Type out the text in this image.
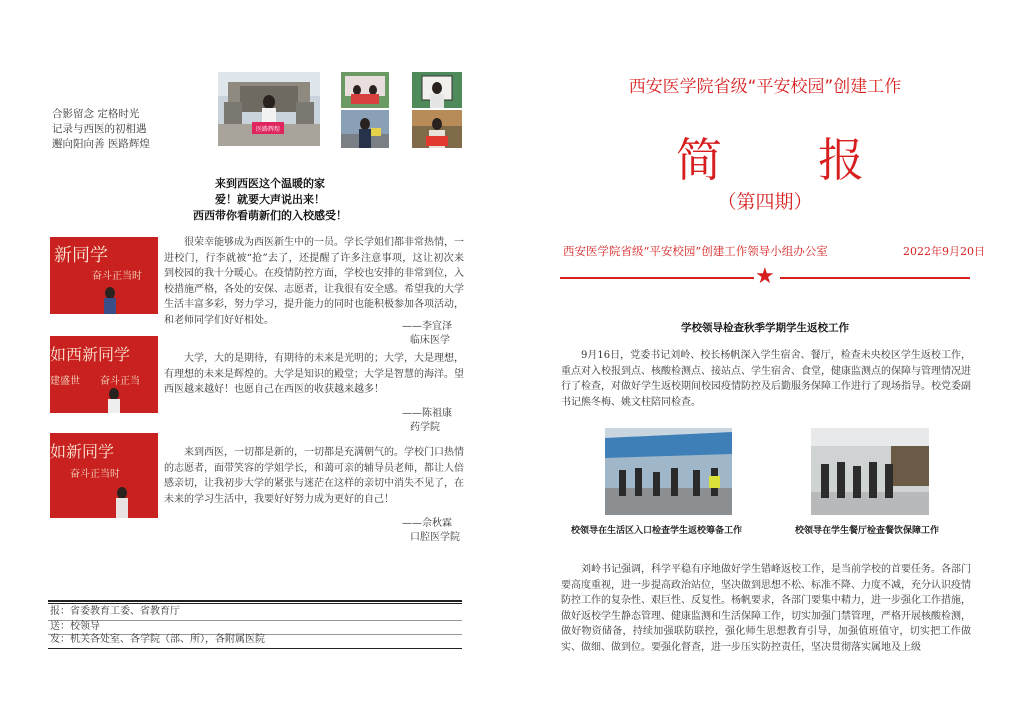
医路辉煌
合影留念 定格时光
记录与西医的初相遇
邂向阳向善 医路辉煌
来到西医这个温暖的家
爱！就要大声说出来！
西西带你看萌新们的入校感受！
新同学
奋斗正当时
很荣幸能够成为西医新生中的一员。学长学姐们都非常热情，一进校门，行李就被“抢”去了，还提醒了许多注意事项，这让初次来到校园的我十分暖心。在疫情防控方面，学校也安排的非常到位，入校措施严格，各处的安保、志愿者，让我很有安全感。希望我的大学生活丰富多彩，努力学习，提升能力的同时也能积极参加各项活动，和老师同学们好好相处。
——李宜泽
临床医学
如西新同学
建盛世 奋斗正当
大学，大的是期待，有期待的未来是光明的；大学，大是理想，有理想的未来是辉煌的。大学是知识的殿堂；大学是智慧的海洋。望西医越来越好！也愿自己在西医的收获越来越多！
——陈祖康
药学院
如新同学
奋斗正当时
来到西医，一切都是新的，一切都是充满朝气的。学校门口热情的志愿者，面带笑容的学姐学长，和蔼可亲的辅导员老师，都让人倍感亲切，让我初步大学的紧张与迷茫在这样的亲切中消失不见了，在未来的学习生活中，我要好好努力成为更好的自己！
——佘秋霖
口腔医学院
报：省委教育工委、省教育厅
送：校领导
发：机关各处室、各学院（部、所），各附属医院
西安医学院省级“平安校园”创建工作
简 报
（第四期）
西安医学院省级“平安校园”创建工作领导小组办公室	2022年9月20日
★
学校领导检查秋季学期学生返校工作
9月16日，党委书记刘岭、校长杨帆深入学生宿舍、餐厅，检查未央校区学生返校工作，重点对入校报到点、核酸检测点、接站点、学生宿舍、食堂，健康监测点的保障与管理情况进行了检查，对做好学生返校期间校园疫情防控及后勤服务保障工作进行了现场指导。校党委副书记熊冬梅、姚文柱陪同检查。
校领导在生活区入口检查学生返校筹备工作	校领导在学生餐厅检查餐饮保障工作
刘岭书记强调，科学平稳有序地做好学生错峰返校工作，是当前学校的首要任务。各部门要高度重视，进一步提高政治站位，坚决做到思想不松、标准不降、力度不减，充分认识疫情防控工作的复杂性、艰巨性、反复性。杨帆要求，各部门要集中精力，进一步强化工作措施，做好返校学生静态管理、健康监测和生活保障工作，切实加强门禁管理，严格开展核酸检测，做好物资储备，持续加强联防联控，强化师生思想教育引导，加强值班值守，切实把工作做实、做细、做到位。要强化督查，进一步压实防控责任，坚决贯彻落实属地及上级
